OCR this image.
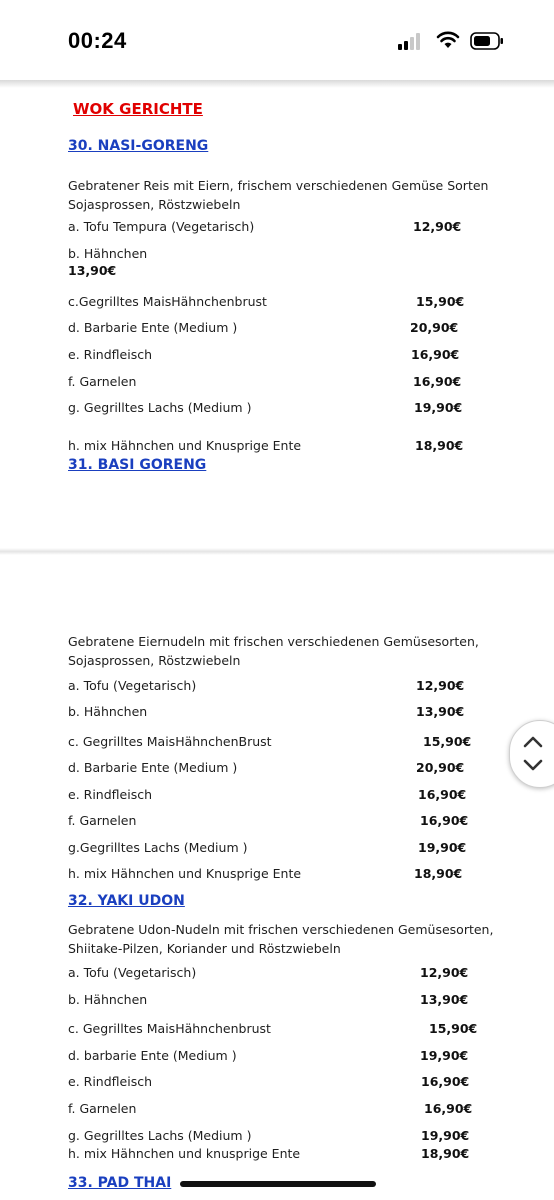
00:24
WOK GERICHTE
30. NASI-GORENG
Gebratener Reis mit Eiern, frischem verschiedenen Gemüse Sorten Sojasprossen, Röstzwiebeln
a. Tofu Tempura (Vegetarisch)	12,90€
b. Hähnchen
13,90€
c.Gegrilltes MaisHähnchenbrust	15,90€
d. Barbarie Ente (Medium )	20,90€
e. Rindfleisch	16,90€
f. Garnelen	16,90€
g. Gegrilltes Lachs (Medium )	19,90€
h. mix Hähnchen und Knusprige Ente	18,90€
31. BASI GORENG
Gebratene Eiernudeln mit frischen verschiedenen Gemüsesorten, Sojasprossen, Röstzwiebeln
a. Tofu (Vegetarisch)	12,90€
b. Hähnchen	13,90€
c. Gegrilltes MaisHähnchenBrust	15,90€
d. Barbarie Ente (Medium )	20,90€
e. Rindfleisch	16,90€
f. Garnelen	16,90€
g.Gegrilltes Lachs (Medium )	19,90€
h. mix Hähnchen und Knusprige Ente	18,90€
32. YAKI UDON
Gebratene Udon-Nudeln mit frischen verschiedenen Gemüsesorten, Shiitake-Pilzen, Koriander und Röstzwiebeln
a. Tofu (Vegetarisch)	12,90€
b. Hähnchen	13,90€
c. Gegrilltes MaisHähnchenbrust	15,90€
d. barbarie Ente (Medium )	19,90€
e. Rindfleisch	16,90€
f. Garnelen	16,90€
g. Gegrilltes Lachs (Medium )	19,90€
h. mix Hähnchen und knusprige Ente	18,90€
33. PAD THAI
